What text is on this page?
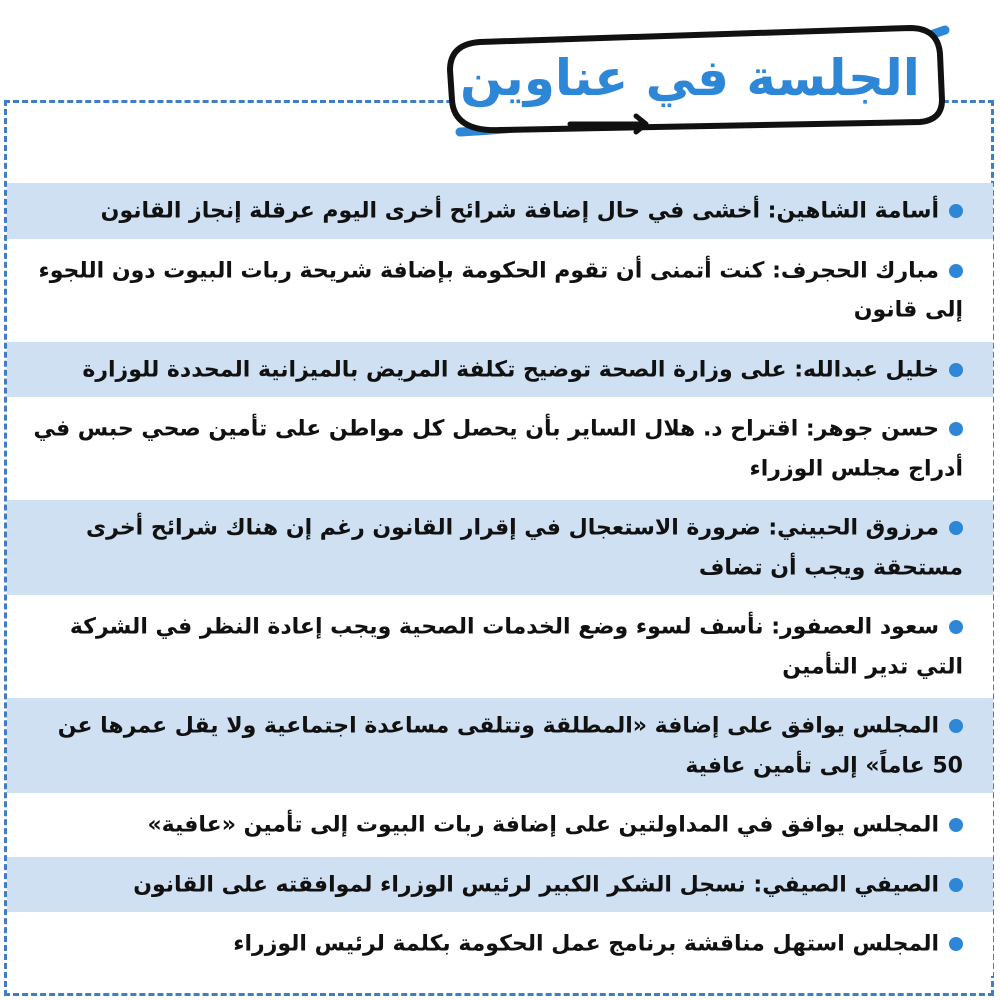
الجلسة في عناوين
أسامة الشاهين: أخشى في حال إضافة شرائح أخرى اليوم عرقلة إنجاز القانون
مبارك الحجرف: كنت أتمنى أن تقوم الحكومة بإضافة شريحة ربات البيوت دون اللجوء إلى قانون
خليل عبدالله: على وزارة الصحة توضيح تكلفة المريض بالميزانية المحددة للوزارة
حسن جوهر: اقتراح د. هلال الساير بأن يحصل كل مواطن على تأمين صحي حبس في أدراج مجلس الوزراء
مرزوق الحبيني: ضرورة الاستعجال في إقرار القانون رغم إن هناك شرائح أخرى مستحقة ويجب أن تضاف
سعود العصفور: نأسف لسوء وضع الخدمات الصحية ويجب إعادة النظر في الشركة التي تدير التأمين
المجلس يوافق على إضافة «المطلقة وتتلقى مساعدة اجتماعية ولا يقل عمرها عن 50 عاماً» إلى تأمين عافية
المجلس يوافق في المداولتين على إضافة ربات البيوت إلى تأمين «عافية»
الصيفي الصيفي: نسجل الشكر الكبير لرئيس الوزراء لموافقته على القانون
المجلس استهل مناقشة برنامج عمل الحكومة بكلمة لرئيس الوزراء
